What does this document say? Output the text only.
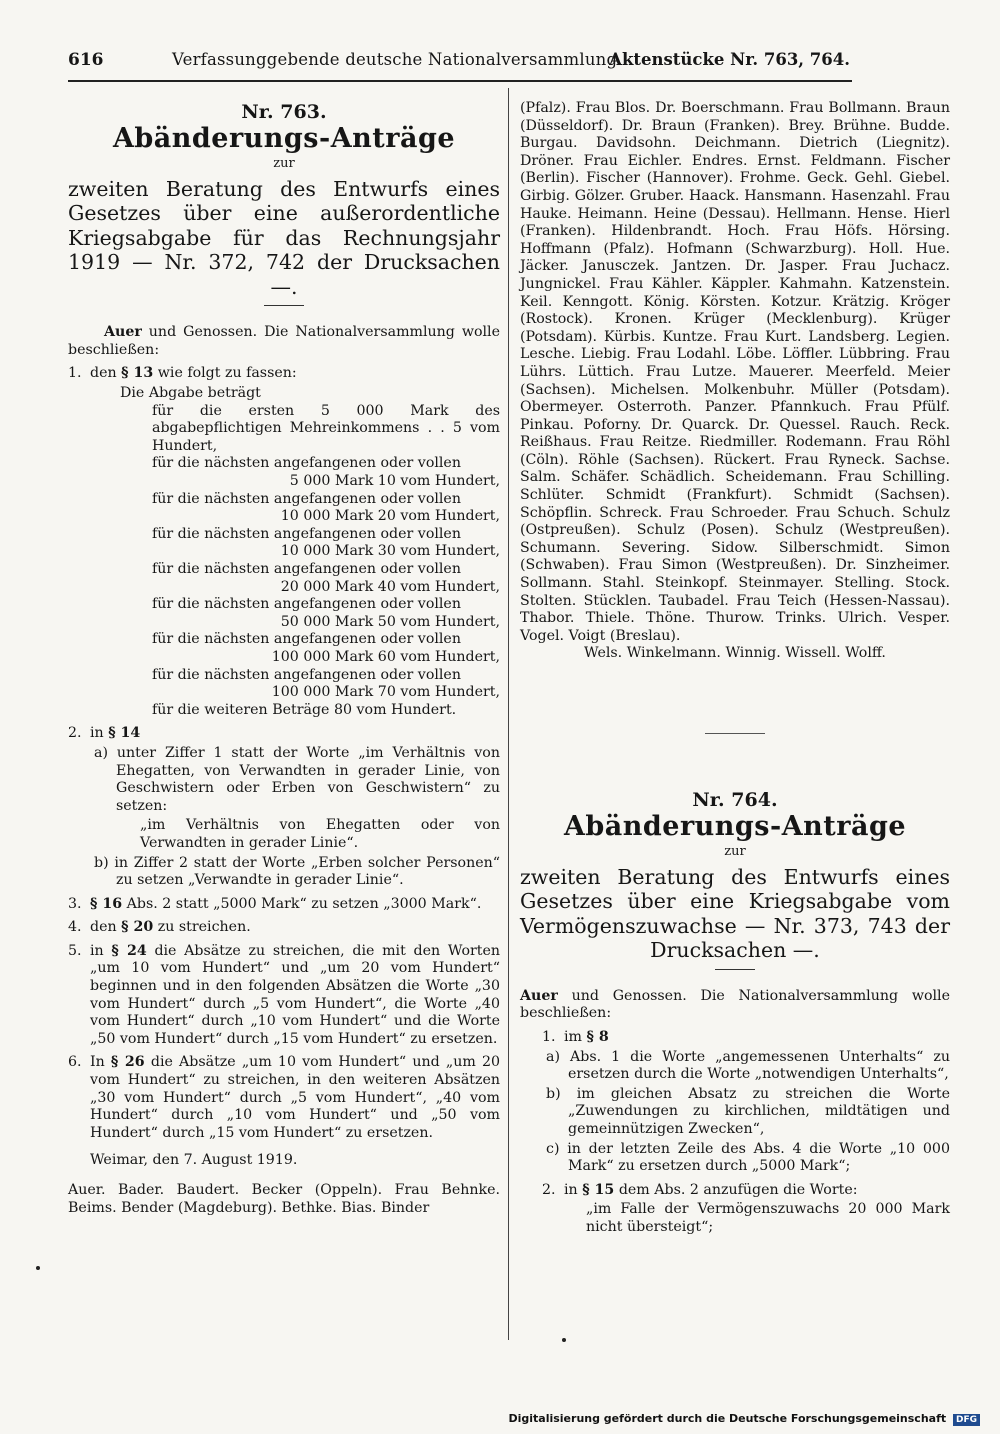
616	Verfassunggebende deutsche Nationalversammlung.
Aktenstücke Nr. 763, 764.
Nr. 763.
Abänderungs-Anträge
zur
zweiten Beratung des Entwurfs eines Gesetzes über eine außerordentliche Kriegsabgabe für das Rechnungsjahr 1919 — Nr. 372, 742 der Drucksachen —.

Auer und Genossen. Die Nationalversammlung wolle beschließen:

1. den § 13 wie folgt zu fassen:

Die Abgabe beträgt

für die ersten 5 000 Mark des abgabepflichtigen Mehreinkommens . . 5 vom Hundert,

für die nächsten angefangenen oder vollen

5 000 Mark 10 vom Hundert,

für die nächsten angefangenen oder vollen

10 000 Mark 20 vom Hundert,

für die nächsten angefangenen oder vollen

10 000 Mark 30 vom Hundert,

für die nächsten angefangenen oder vollen

20 000 Mark 40 vom Hundert,

für die nächsten angefangenen oder vollen

50 000 Mark 50 vom Hundert,

für die nächsten angefangenen oder vollen

100 000 Mark 60 vom Hundert,

für die nächsten angefangenen oder vollen

100 000 Mark 70 vom Hundert,

für die weiteren Beträge 80 vom Hundert.

2. in § 14

a) unter Ziffer 1 statt der Worte „im Verhältnis von Ehegatten, von Verwandten in gerader Linie, von Geschwistern oder Erben von Geschwistern“ zu setzen:

„im Verhältnis von Ehegatten oder von Verwandten in gerader Linie“.

b) in Ziffer 2 statt der Worte „Erben solcher Personen“ zu setzen „Verwandte in gerader Linie“.

3. § 16 Abs. 2 statt „5000 Mark“ zu setzen „3000 Mark“.

4. den § 20 zu streichen.

5. in § 24 die Absätze zu streichen, die mit den Worten „um 10 vom Hundert“ und „um 20 vom Hundert“ beginnen und in den folgenden Absätzen die Worte „30 vom Hundert“ durch „5 vom Hundert“, die Worte „40 vom Hundert“ durch „10 vom Hundert“ und die Worte „50 vom Hundert“ durch „15 vom Hundert“ zu ersetzen.

6. In § 26 die Absätze „um 10 vom Hundert“ und „um 20 vom Hundert“ zu streichen, in den weiteren Absätzen „30 vom Hundert“ durch „5 vom Hundert“, „40 vom Hundert“ durch „10 vom Hundert“ und „50 vom Hundert“ durch „15 vom Hundert“ zu ersetzen.

Weimar, den 7. August 1919.

Auer. Bader. Baudert. Becker (Oppeln). Frau Behnke. Beims. Bender (Magdeburg). Bethke. Bias. Binder

(Pfalz). Frau Blos. Dr. Boerschmann. Frau Bollmann. Braun (Düsseldorf). Dr. Braun (Franken). Brey. Brühne. Budde. Burgau. Davidsohn. Deichmann. Dietrich (Liegnitz). Dröner. Frau Eichler. Endres. Ernst. Feldmann. Fischer (Berlin). Fischer (Hannover). Frohme. Geck. Gehl. Giebel. Girbig. Gölzer. Gruber. Haack. Hansmann. Hasenzahl. Frau Hauke. Heimann. Heine (Dessau). Hellmann. Hense. Hierl (Franken). Hildenbrandt. Hoch. Frau Höfs. Hörsing. Hoffmann (Pfalz). Hofmann (Schwarzburg). Holl. Hue. Jäcker. Janusczek. Jantzen. Dr. Jasper. Frau Juchacz. Jungnickel. Frau Kähler. Käppler. Kahmahn. Katzenstein. Keil. Kenngott. König. Körsten. Kotzur. Krätzig. Kröger (Rostock). Kronen. Krüger (Mecklenburg). Krüger (Potsdam). Kürbis. Kuntze. Frau Kurt. Landsberg. Legien. Lesche. Liebig. Frau Lodahl. Löbe. Löffler. Lübbring. Frau Lührs. Lüttich. Frau Lutze. Mauerer. Meerfeld. Meier (Sachsen). Michelsen. Molkenbuhr. Müller (Potsdam). Obermeyer. Osterroth. Panzer. Pfannkuch. Frau Pfülf. Pinkau. Poforny. Dr. Quarck. Dr. Quessel. Rauch. Reck. Reißhaus. Frau Reitze. Riedmiller. Rodemann. Frau Röhl (Cöln). Röhle (Sachsen). Rückert. Frau Ryneck. Sachse. Salm. Schäfer. Schädlich. Scheidemann. Frau Schilling. Schlüter. Schmidt (Frankfurt). Schmidt (Sachsen). Schöpflin. Schreck. Frau Schroeder. Frau Schuch. Schulz (Ostpreußen). Schulz (Posen). Schulz (Westpreußen). Schumann. Severing. Sidow. Silberschmidt. Simon (Schwaben). Frau Simon (Westpreußen). Dr. Sinzheimer. Sollmann. Stahl. Steinkopf. Steinmayer. Stelling. Stock. Stolten. Stücklen. Taubadel. Frau Teich (Hessen-Nassau). Thabor. Thiele. Thöne. Thurow. Trinks. Ulrich. Vesper. Vogel. Voigt (Breslau).

Wels. Winkelmann. Winnig. Wissell. Wolff.

Nr. 764.
Abänderungs-Anträge
zur
zweiten Beratung des Entwurfs eines Gesetzes über eine Kriegsabgabe vom Vermögenszuwachse — Nr. 373, 743 der Drucksachen —.

Auer und Genossen. Die Nationalversammlung wolle beschließen:

1. im § 8

a) Abs. 1 die Worte „angemessenen Unterhalts“ zu ersetzen durch die Worte „notwendigen Unterhalts“,

b) im gleichen Absatz zu streichen die Worte „Zuwendungen zu kirchlichen, mildtätigen und gemeinnützigen Zwecken“,

c) in der letzten Zeile des Abs. 4 die Worte „10 000 Mark“ zu ersetzen durch „5000 Mark“;

2. in § 15 dem Abs. 2 anzufügen die Worte:

„im Falle der Vermögenszuwachs 20 000 Mark nicht übersteigt“;

Digitalisierung gefördert durch die Deutsche Forschungsgemeinschaft DFG
